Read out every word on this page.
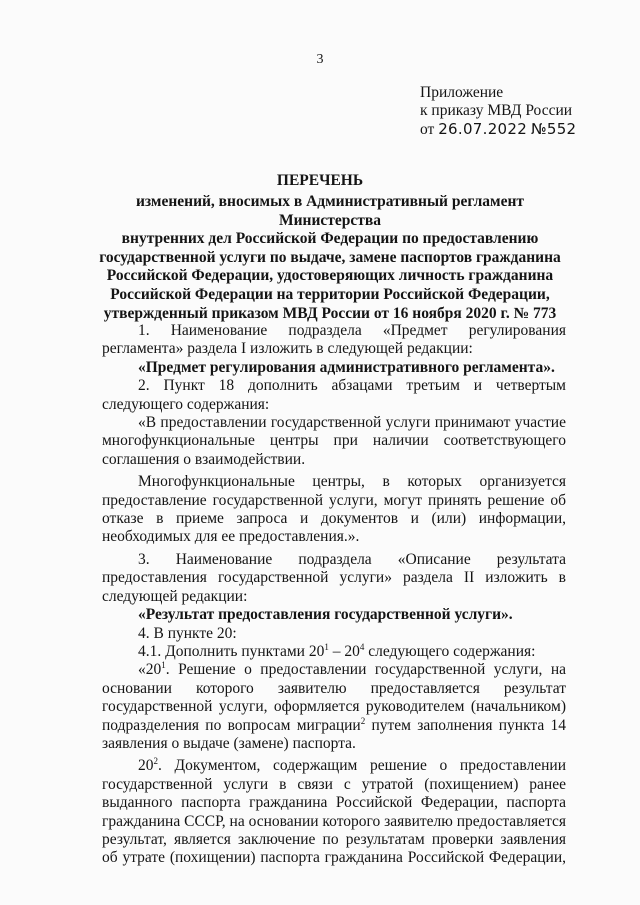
3
Приложение
к приказу МВД России
от 26.07.2022 №552
ПЕРЕЧЕНЬ
изменений, вносимых в Административный регламент Министерства
внутренних дел Российской Федерации по предоставлению
государственной услуги по выдаче, замене паспортов гражданина
Российской Федерации, удостоверяющих личность гражданина
Российской Федерации на территории Российской Федерации,
утвержденный приказом МВД России от 16 ноября 2020 г. № 773

1. Наименование подраздела «Предмет регулирования регламента» раздела I изложить в следующей редакции:

«Предмет регулирования административного регламента».

2. Пункт 18 дополнить абзацами третьим и четвертым следующего содержания:

«В предоставлении государственной услуги принимают участие многофункциональные центры при наличии соответствующего соглашения о взаимодействии.

Многофункциональные центры, в которых организуется предоставление государственной услуги, могут принять решение об отказе в приеме запроса и документов и (или) информации, необходимых для ее предоставления.».

3. Наименование подраздела «Описание результата предоставления государственной услуги» раздела II изложить в следующей редакции:

«Результат предоставления государственной услуги».

4. В пункте 20:

4.1. Дополнить пунктами $20^1 - 20^4$ следующего содержания:

«$20^1$. Решение о предоставлении государственной услуги, на основании которого заявителю предоставляется результат государственной услуги, оформляется руководителем (начальником) подразделения по вопросам миграции$^2$ путем заполнения пункта 14 заявления о выдаче (замене) паспорта.

$20^2$. Документом, содержащим решение о предоставлении государственной услуги в связи с утратой (похищением) ранее выданного паспорта гражданина Российской Федерации, паспорта гражданина СССР, на основании которого заявителю предоставляется результат, является заключение по результатам проверки заявления об утрате (похищении) паспорта гражданина Российской Федерации,
